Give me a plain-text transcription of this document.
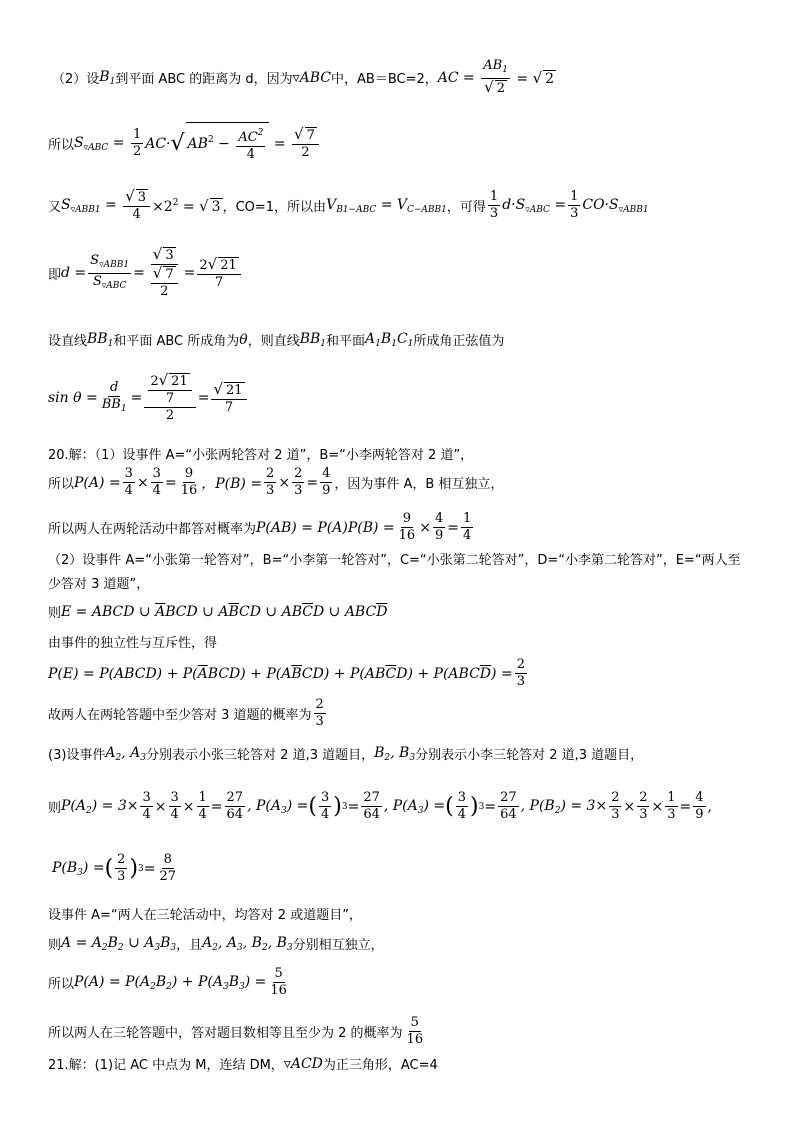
（2）设 $B_1$ 到平面 ABC 的距离为 d，因为 ▿ABC 中，AB＝BC=2， AC = $\frac{AB_1}{√ 2}$ = √ 2
所以 $S_{▿ABC} = \frac{1}{2} AC\cdot$ √ $AB^2 - \frac{AC^2}{4} = \frac{√ 7}{2}$
又 $S_{▿ABB1} = \frac{√ 3}{4} \times 2^2$ = √ 3 ，CO=1，所以由 $V_{B1-ABC} = V_{C-ABB1}$ ，可得 $\frac{1}{3} d\cdot S_{▿ABC} = \frac{1}{3} CO\cdot S_{▿ABB1}$
即 $d = \frac{S_{▿ABB1}}{S_{▿ABC}} = \frac{√ 3}{\frac{√ 7}{2}} = \frac{2√ 21}{7}$
设直线 $BB_1$ 和平面 ABC 所成角为 θ ，则直线 $BB_1$ 和平面 $A_1B_1C_1$ 所成角正弦值为
$\sin \theta = \frac{d}{BB_1} = \frac{\frac{2√ 21}{7}}{2} = \frac{√ 21}{7}$
20.解：（1）设事件 A=“小张两轮答对 2 道”，B=“小李两轮答对 2 道”，
所以 $P(A) = \frac{3}{4} \times \frac{3}{4} = \frac{9}{16}$ ，$P(B) = \frac{2}{3} \times \frac{2}{3} = \frac{4}{9}$ ，因为事件 A，B 相互独立，
所以两人在两轮活动中都答对概率为 $P(AB) = P(A)P(B) = \frac{9}{16} \times \frac{4}{9} = \frac{1}{4}$
（2）设事件 A=“小张第一轮答对”，B=“小李第一轮答对”，C=“小张第二轮答对”，D=“小李第二轮答对”，E=“两人至
少答对 3 道题”，
则 E = ABCD ∪ $\overline{A}BCD$ ∪ $A\overline{B}CD$ ∪ $AB\overline{C}D$ ∪ $ABC\overline{D}$
由事件的独立性与互斥性，得
P(E) = P(ABCD) + $P(\overline{A}BCD) + P(A\overline{B}CD) + P(AB\overline{C}D) + P(ABC\overline{D}) = \frac{2}{3}$
故两人在两轮答题中至少答对 3 道题的概率为 $\frac{2}{3}$
(3)设事件 $A_2$, $A_3$ 分别表示小张三轮答对 2 道,3 道题目， $B_2$, $B_3$ 分别表示小李三轮答对 2 道,3 道题目，
则 $P(A_2) = 3\times \frac{3}{4} \times \frac{3}{4} \times \frac{1}{4} = \frac{27}{64}$ , $P(A_3)$ = ( $\frac{3}{4}$ ) $3 = \frac{27}{64}$ , $P(A_3)$ = ( $\frac{3}{4}$ ) $3 = \frac{27}{64}$ , $P(B_2) = 3\times \frac{2}{3} \times \frac{2}{3} \times \frac{1}{3} = \frac{4}{9}$ ,
$P(B_3)$ = ( $\frac{2}{3}$ ) $3 = \frac{8}{27}$
设事件 A=“两人在三轮活动中，均答对 2 或道题目”，
则 $A = A_2B_2$ ∪ $A_3B_3$ ，且 $A_2$, $A_3$, $B_2$, $B_3$ 分别相互独立，
所以 $P(A) = P(A_2B_2) + P(A_3B_3) = \frac{5}{16}$
所以两人在三轮答题中，答对题目数相等且至少为 2 的概率为 $\frac{5}{16}$
21.解：(1)记 AC 中点为 M，连结 DM， ▿ACD 为正三角形，AC=4
